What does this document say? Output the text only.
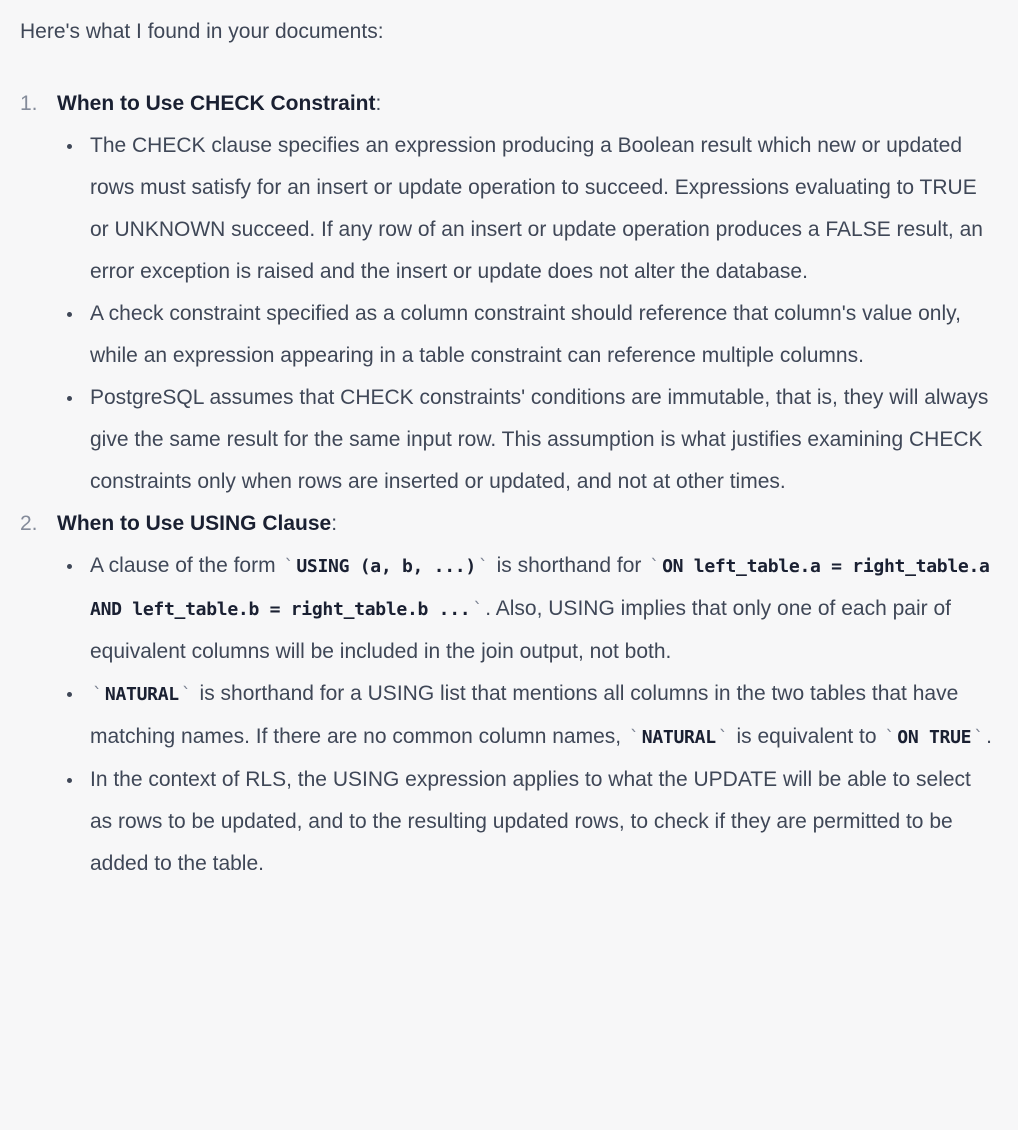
Here's what I found in your documents:

1. When to Use CHECK Constraint:
The CHECK clause specifies an expression producing a Boolean result which new or updated rows must satisfy for an insert or update operation to succeed. Expressions evaluating to TRUE or UNKNOWN succeed. If any row of an insert or update operation produces a FALSE result, an error exception is raised and the insert or update does not alter the database.
A check constraint specified as a column constraint should reference that column's value only, while an expression appearing in a table constraint can reference multiple columns.
PostgreSQL assumes that CHECK constraints' conditions are immutable, that is, they will always give the same result for the same input row. This assumption is what justifies examining CHECK constraints only when rows are inserted or updated, and not at other times.
2. When to Use USING Clause:
A clause of the form ` USING (a, b, ...) ` is shorthand for ` ON left_table.a = right_table.a AND left_table.b = right_table.b ... `. Also, USING implies that only one of each pair of equivalent columns will be included in the join output, not both.
` NATURAL ` is shorthand for a USING list that mentions all columns in the two tables that have matching names. If there are no common column names, ` NATURAL ` is equivalent to ` ON TRUE `.
In the context of RLS, the USING expression applies to what the UPDATE will be able to select as rows to be updated, and to the resulting updated rows, to check if they are permitted to be added to the table.
